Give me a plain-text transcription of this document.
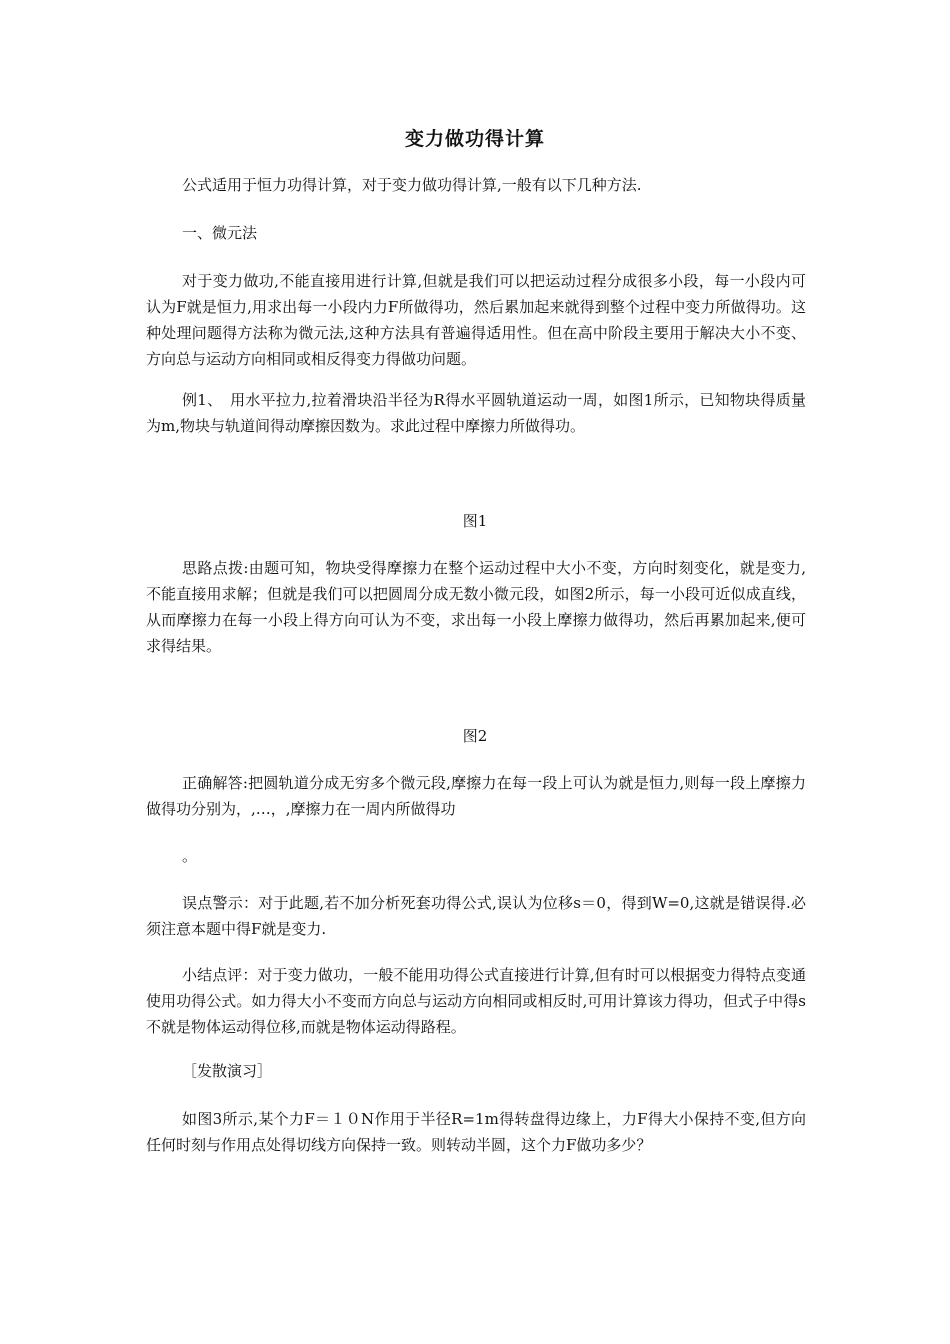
变力做功得计算

公式适用于恒力功得计算，对于变力做功得计算,一般有以下几种方法.

一、微元法

对于变力做功,不能直接用进行计算,但就是我们可以把运动过程分成很多小段，每一小段内可认为F就是恒力,用求出每一小段内力F所做得功，然后累加起来就得到整个过程中变力所做得功。这种处理问题得方法称为微元法,这种方法具有普遍得适用性。但在高中阶段主要用于解决大小不变、方向总与运动方向相同或相反得变力得做功问题。

例1、　用水平拉力,拉着滑块沿半径为R得水平圆轨道运动一周，如图1所示，已知物块得质量为m,物块与轨道间得动摩擦因数为。求此过程中摩擦力所做得功。

图1

思路点拨:由题可知，物块受得摩擦力在整个运动过程中大小不变，方向时刻变化，就是变力,不能直接用求解；但就是我们可以把圆周分成无数小微元段，如图2所示，每一小段可近似成直线，从而摩擦力在每一小段上得方向可认为不变，求出每一小段上摩擦力做得功，然后再累加起来,便可求得结果。

图2

正确解答:把圆轨道分成无穷多个微元段,摩擦力在每一段上可认为就是恒力,则每一段上摩擦力做得功分别为，,…，,摩擦力在一周内所做得功

。

误点警示：对于此题,若不加分析死套功得公式,误认为位移s＝0，得到W=0,这就是错误得.必须注意本题中得F就是变力.

小结点评：对于变力做功，一般不能用功得公式直接进行计算,但有时可以根据变力得特点变通使用功得公式。如力得大小不变而方向总与运动方向相同或相反时,可用计算该力得功，但式子中得s不就是物体运动得位移,而就是物体运动得路程。

［发散演习］

如图3所示,某个力F＝１０N作用于半径R=1m得转盘得边缘上，力F得大小保持不变,但方向任何时刻与作用点处得切线方向保持一致。则转动半圆，这个力F做功多少？
